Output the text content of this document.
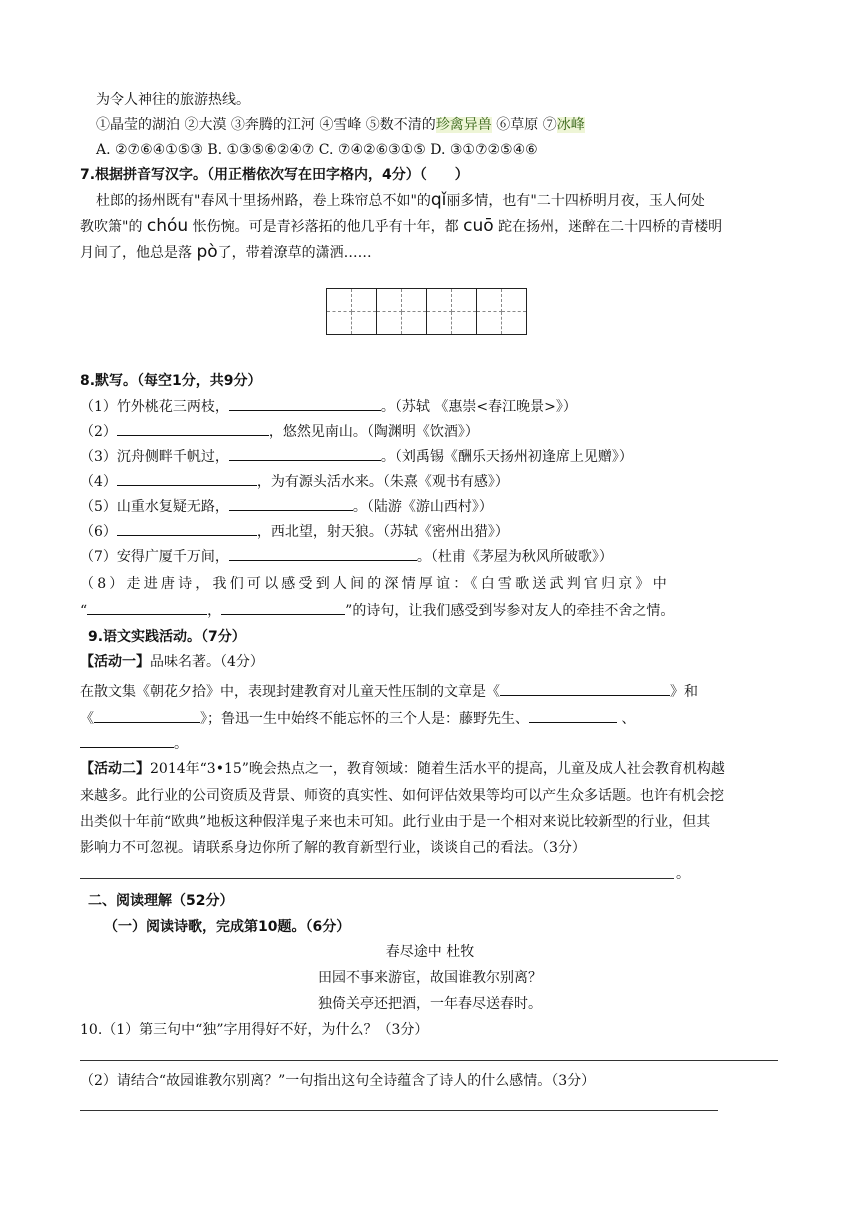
为令人神往的旅游热线。
①晶莹的湖泊 ②大漠 ③奔腾的江河 ④雪峰 ⑤数不清的珍禽异兽 ⑥草原 ⑦冰峰
A. ②⑦⑥④①⑤③ B. ①③⑤⑥②④⑦ C. ⑦④②⑥③①⑤ D. ③①⑦②⑤④⑥
7.根据拼音写汉字。（用正楷依次写在田字格内，4分）（　　）
杜郎的扬州既有"春风十里扬州路，卷上珠帘总不如"的qǐ丽多情，也有"二十四桥明月夜，玉人何处
教吹箫"的 chóu 怅伤惋。可是青衫落拓的他几乎有十年，都 cuō 跎在扬州，迷醉在二十四桥的青楼明
月间了，他总是落 pò了，带着潦草的潇洒……

8.默写。（每空1分，共9分）
（1）竹外桃花三两枝，	。（苏轼 《惠崇<春江晚景>》）
（2）	，悠然见南山。（陶渊明《饮酒》）
（3）沉舟侧畔千帆过，	。（刘禹锡《酬乐天扬州初逢席上见赠》）
（4）	，为有源头活水来。（朱熹《观书有感》）
（5）山重水复疑无路，	。（陆游《游山西村》）
（6）	，西北望，射天狼。（苏轼《密州出猎》）
（7）安得广厦千万间，	。（杜甫《茅屋为秋风所破歌》）
（8）走进唐诗，我们可以感受到人间的深情厚谊：《白雪歌送武判官归京》中
“	，	”的诗句，让我们感受到岑参对友人的牵挂不舍之情。
9.语文实践活动。（7分）
【活动一】品味名著。（4分）
在散文集《朝花夕拾》中，表现封建教育对儿童天性压制的文章是《	》和
《	》；鲁迅一生中始终不能忘怀的三个人是：藤野先生、	、
。
【活动二】2014年“3•15”晚会热点之一，教育领域：随着生活水平的提高，儿童及成人社会教育机构越
来越多。此行业的公司资质及背景、师资的真实性、如何评估效果等均可以产生众多话题。也许有机会挖
出类似十年前“欧典”地板这种假洋鬼子来也未可知。此行业由于是一个相对来说比较新型的行业，但其
影响力不可忽视。请联系身边你所了解的教育新型行业，谈谈自己的看法。（3分）
。
二、阅读理解（52分）
（一）阅读诗歌，完成第10题。（6分）
春尽途中 杜牧
田园不事来游宦，故国谁教尔别离？
独倚关亭还把酒，一年春尽送春时。
10.（1）第三句中“独”字用得好不好，为什么？（3分）
（2）请结合“故园谁教尔别离？”一句指出这句全诗蕴含了诗人的什么感情。（3分）
